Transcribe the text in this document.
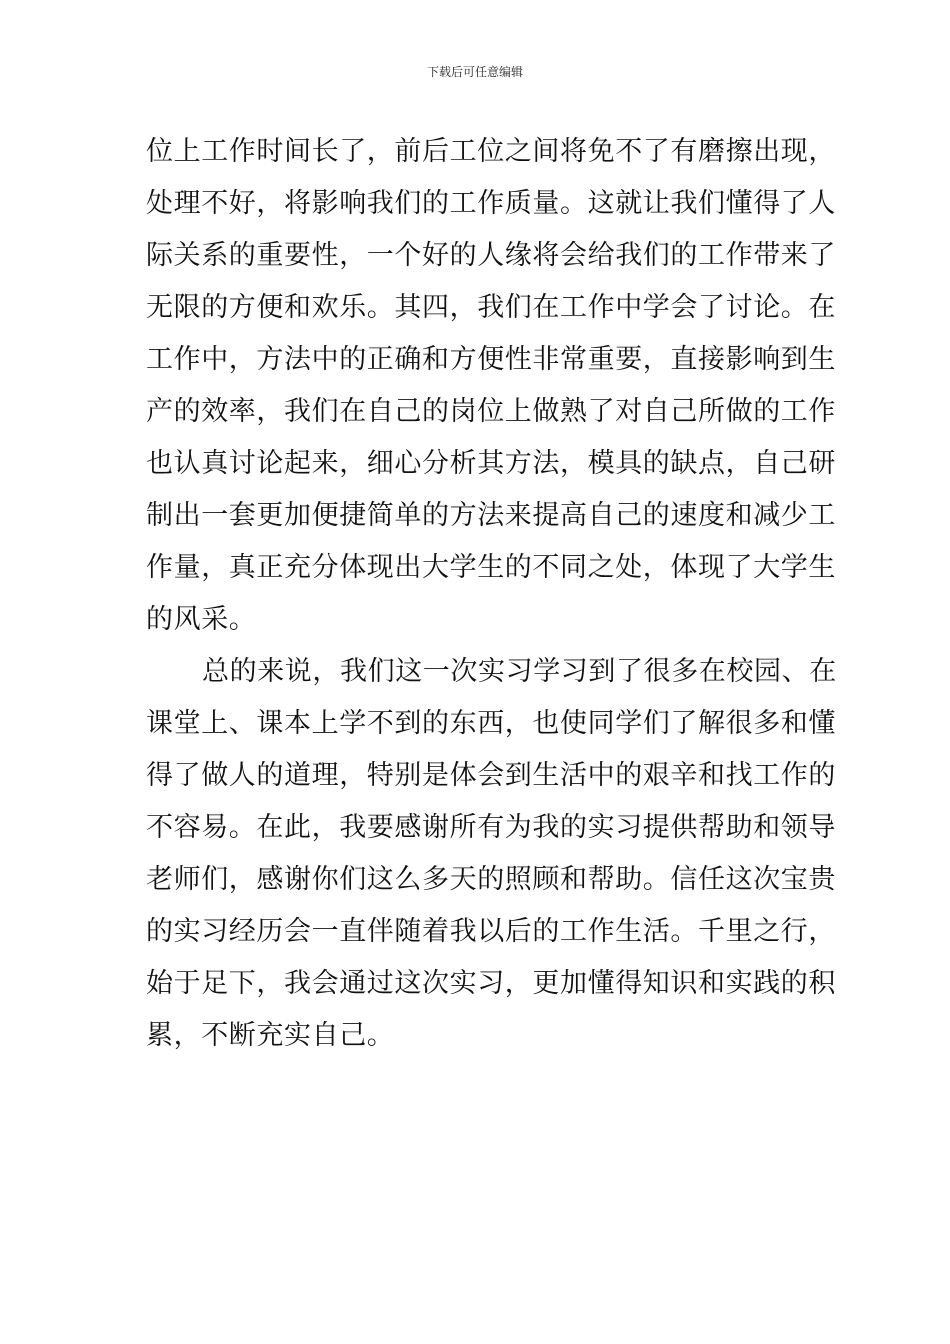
下载后可任意编辑
位上工作时间长了，前后工位之间将免不了有磨擦出现，
处理不好，将影响我们的工作质量。这就让我们懂得了人
际关系的重要性，一个好的人缘将会给我们的工作带来了
无限的方便和欢乐。其四，我们在工作中学会了讨论。在
工作中，方法中的正确和方便性非常重要，直接影响到生
产的效率，我们在自己的岗位上做熟了对自己所做的工作
也认真讨论起来，细心分析其方法，模具的缺点，自己研
制出一套更加便捷简单的方法来提高自己的速度和减少工
作量，真正充分体现出大学生的不同之处，体现了大学生
的风采。
总的来说，我们这一次实习学习到了很多在校园、在
课堂上、课本上学不到的东西，也使同学们了解很多和懂
得了做人的道理，特别是体会到生活中的艰辛和找工作的
不容易。在此，我要感谢所有为我的实习提供帮助和领导
老师们，感谢你们这么多天的照顾和帮助。信任这次宝贵
的实习经历会一直伴随着我以后的工作生活。千里之行，
始于足下，我会通过这次实习，更加懂得知识和实践的积
累，不断充实自己。
